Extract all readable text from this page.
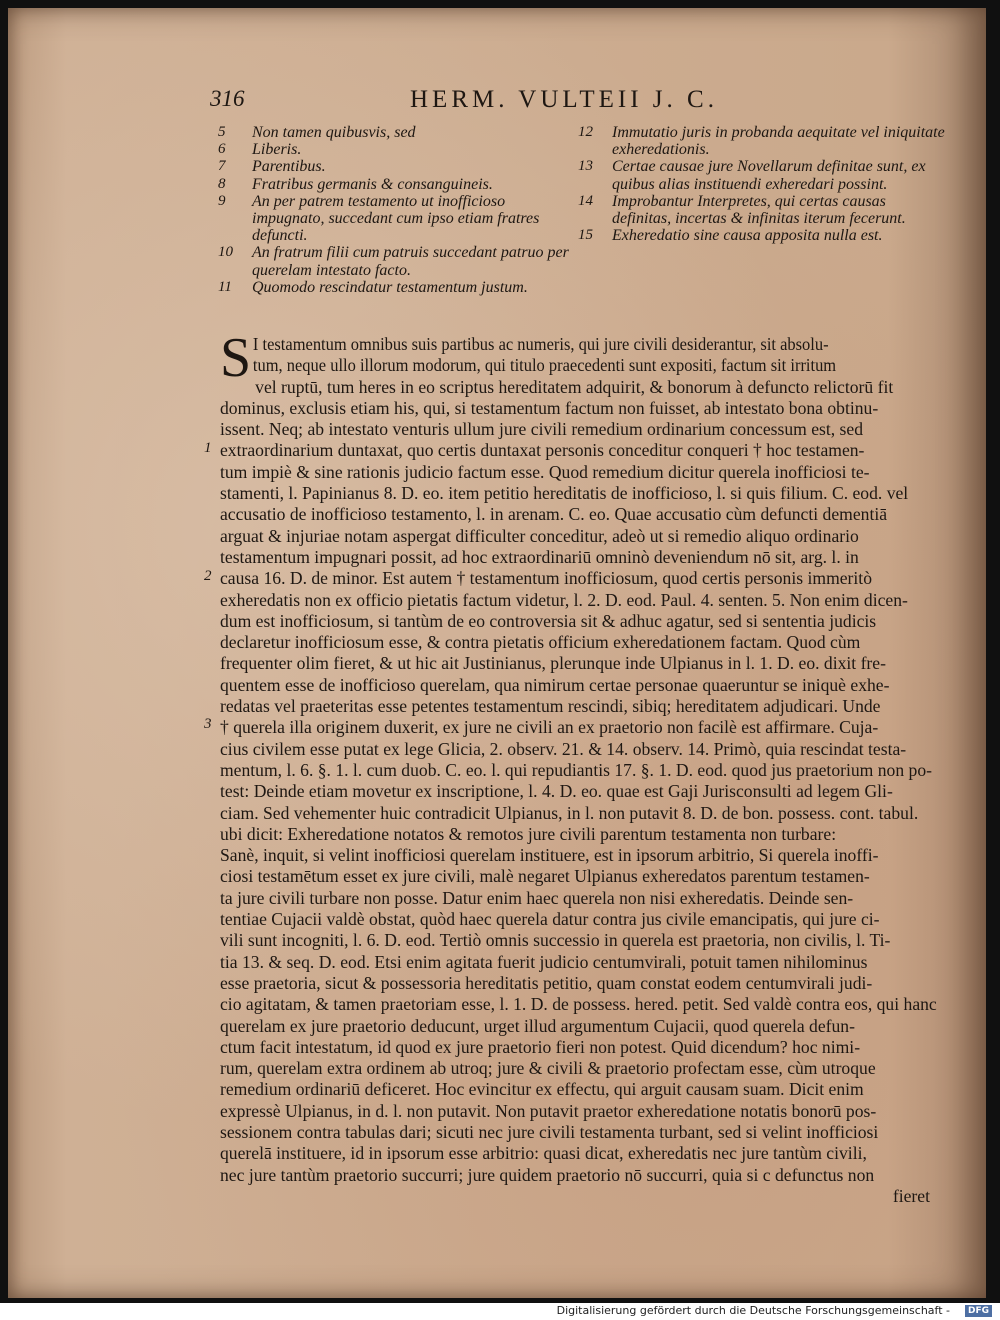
316	HERM. VULTEII J. C.
5	Non tamen quibusvis, sed
6	Liberis.
7	Parentibus.
8	Fratribus germanis & consanguineis.
9	An per patrem testamento ut inofficioso impugnato, succedant cum ipso etiam fratres defuncti.
10	An fratrum filii cum patruis succedant patruo per querelam intestato facto.
11	Quomodo rescindatur testamentum justum.
12	Immutatio juris in probanda aequitate vel iniquitate exheredationis.
13	Certae causae jure Novellarum definitae sunt, ex quibus alias instituendi exheredari possint.
14	Improbantur Interpretes, qui certas causas definitas, incertas & infinitas iterum fecerunt.
15	Exheredatio sine causa apposita nulla est.
1
2
3
S I testamentum omnibus suis partibus ac numeris, qui jure civili desiderantur, sit absolu-
tum, neque ullo illorum modorum, qui titulo praecedenti sunt expositi, factum sit irritum
vel ruptū, tum heres in eo scriptus hereditatem adquirit, & bonorum à defuncto relictorū fit
dominus, exclusis etiam his, qui, si testamentum factum non fuisset, ab intestato bona obtinu-
issent. Neq; ab intestato venturis ullum jure civili remedium ordinarium concessum est, sed
extraordinarium duntaxat, quo certis duntaxat personis conceditur conqueri † hoc testamen-
tum impiè & sine rationis judicio factum esse. Quod remedium dicitur querela inofficiosi te-
stamenti, l. Papinianus 8. D. eo. item petitio hereditatis de inofficioso, l. si quis filium. C. eod. vel
accusatio de inofficioso testamento, l. in arenam. C. eo. Quae accusatio cùm defuncti dementiā
arguat & injuriae notam aspergat difficulter conceditur, adeò ut si remedio aliquo ordinario
testamentum impugnari possit, ad hoc extraordinariū omninò deveniendum nō sit, arg. l. in
causa 16. D. de minor. Est autem † testamentum inofficiosum, quod certis personis immeritò
exheredatis non ex officio pietatis factum videtur, l. 2. D. eod. Paul. 4. senten. 5. Non enim dicen-
dum est inofficiosum, si tantùm de eo controversia sit & adhuc agatur, sed si sententia judicis
declaretur inofficiosum esse, & contra pietatis officium exheredationem factam. Quod cùm
frequenter olim fieret, & ut hic ait Justinianus, plerunque inde Ulpianus in l. 1. D. eo. dixit fre-
quentem esse de inofficioso querelam, qua nimirum certae personae quaeruntur se iniquè exhe-
redatas vel praeteritas esse petentes testamentum rescindi, sibiq; hereditatem adjudicari. Unde
† querela illa originem duxerit, ex jure ne civili an ex praetorio non facilè est affirmare. Cuja-
cius civilem esse putat ex lege Glicia, 2. observ. 21. & 14. observ. 14. Primò, quia rescindat testa-
mentum, l. 6. §. 1. l. cum duob. C. eo. l. qui repudiantis 17. §. 1. D. eod. quod jus praetorium non po-
test: Deinde etiam movetur ex inscriptione, l. 4. D. eo. quae est Gaji Jurisconsulti ad legem Gli-
ciam. Sed vehementer huic contradicit Ulpianus, in l. non putavit 8. D. de bon. possess. cont. tabul.
ubi dicit: Exheredatione notatos & remotos jure civili parentum testamenta non turbare:
Sanè, inquit, si velint inofficiosi querelam instituere, est in ipsorum arbitrio, Si querela inoffi-
ciosi testamētum esset ex jure civili, malè negaret Ulpianus exheredatos parentum testamen-
ta jure civili turbare non posse. Datur enim haec querela non nisi exheredatis. Deinde sen-
tentiae Cujacii valdè obstat, quòd haec querela datur contra jus civile emancipatis, qui jure ci-
vili sunt incogniti, l. 6. D. eod. Tertiò omnis successio in querela est praetoria, non civilis, l. Ti-
tia 13. & seq. D. eod. Etsi enim agitata fuerit judicio centumvirali, potuit tamen nihilominus
esse praetoria, sicut & possessoria hereditatis petitio, quam constat eodem centumvirali judi-
cio agitatam, & tamen praetoriam esse, l. 1. D. de possess. hered. petit. Sed valdè contra eos, qui hanc
querelam ex jure praetorio deducunt, urget illud argumentum Cujacii, quod querela defun-
ctum facit intestatum, id quod ex jure praetorio fieri non potest. Quid dicendum? hoc nimi-
rum, querelam extra ordinem ab utroq; jure & civili & praetorio profectam esse, cùm utroque
remedium ordinariū deficeret. Hoc evincitur ex effectu, qui arguit causam suam. Dicit enim
expressè Ulpianus, in d. l. non putavit. Non putavit praetor exheredatione notatis bonorū pos-
sessionem contra tabulas dari; sicuti nec jure civili testamenta turbant, sed si velint inofficiosi
querelā instituere, id in ipsorum esse arbitrio: quasi dicat, exheredatis nec jure tantùm civili,
nec jure tantùm praetorio succurri; jure quidem praetorio nō succurri, quia si c defunctus non
fieret
Digitalisierung gefördert durch die Deutsche Forschungsgemeinschaft -	DFG
